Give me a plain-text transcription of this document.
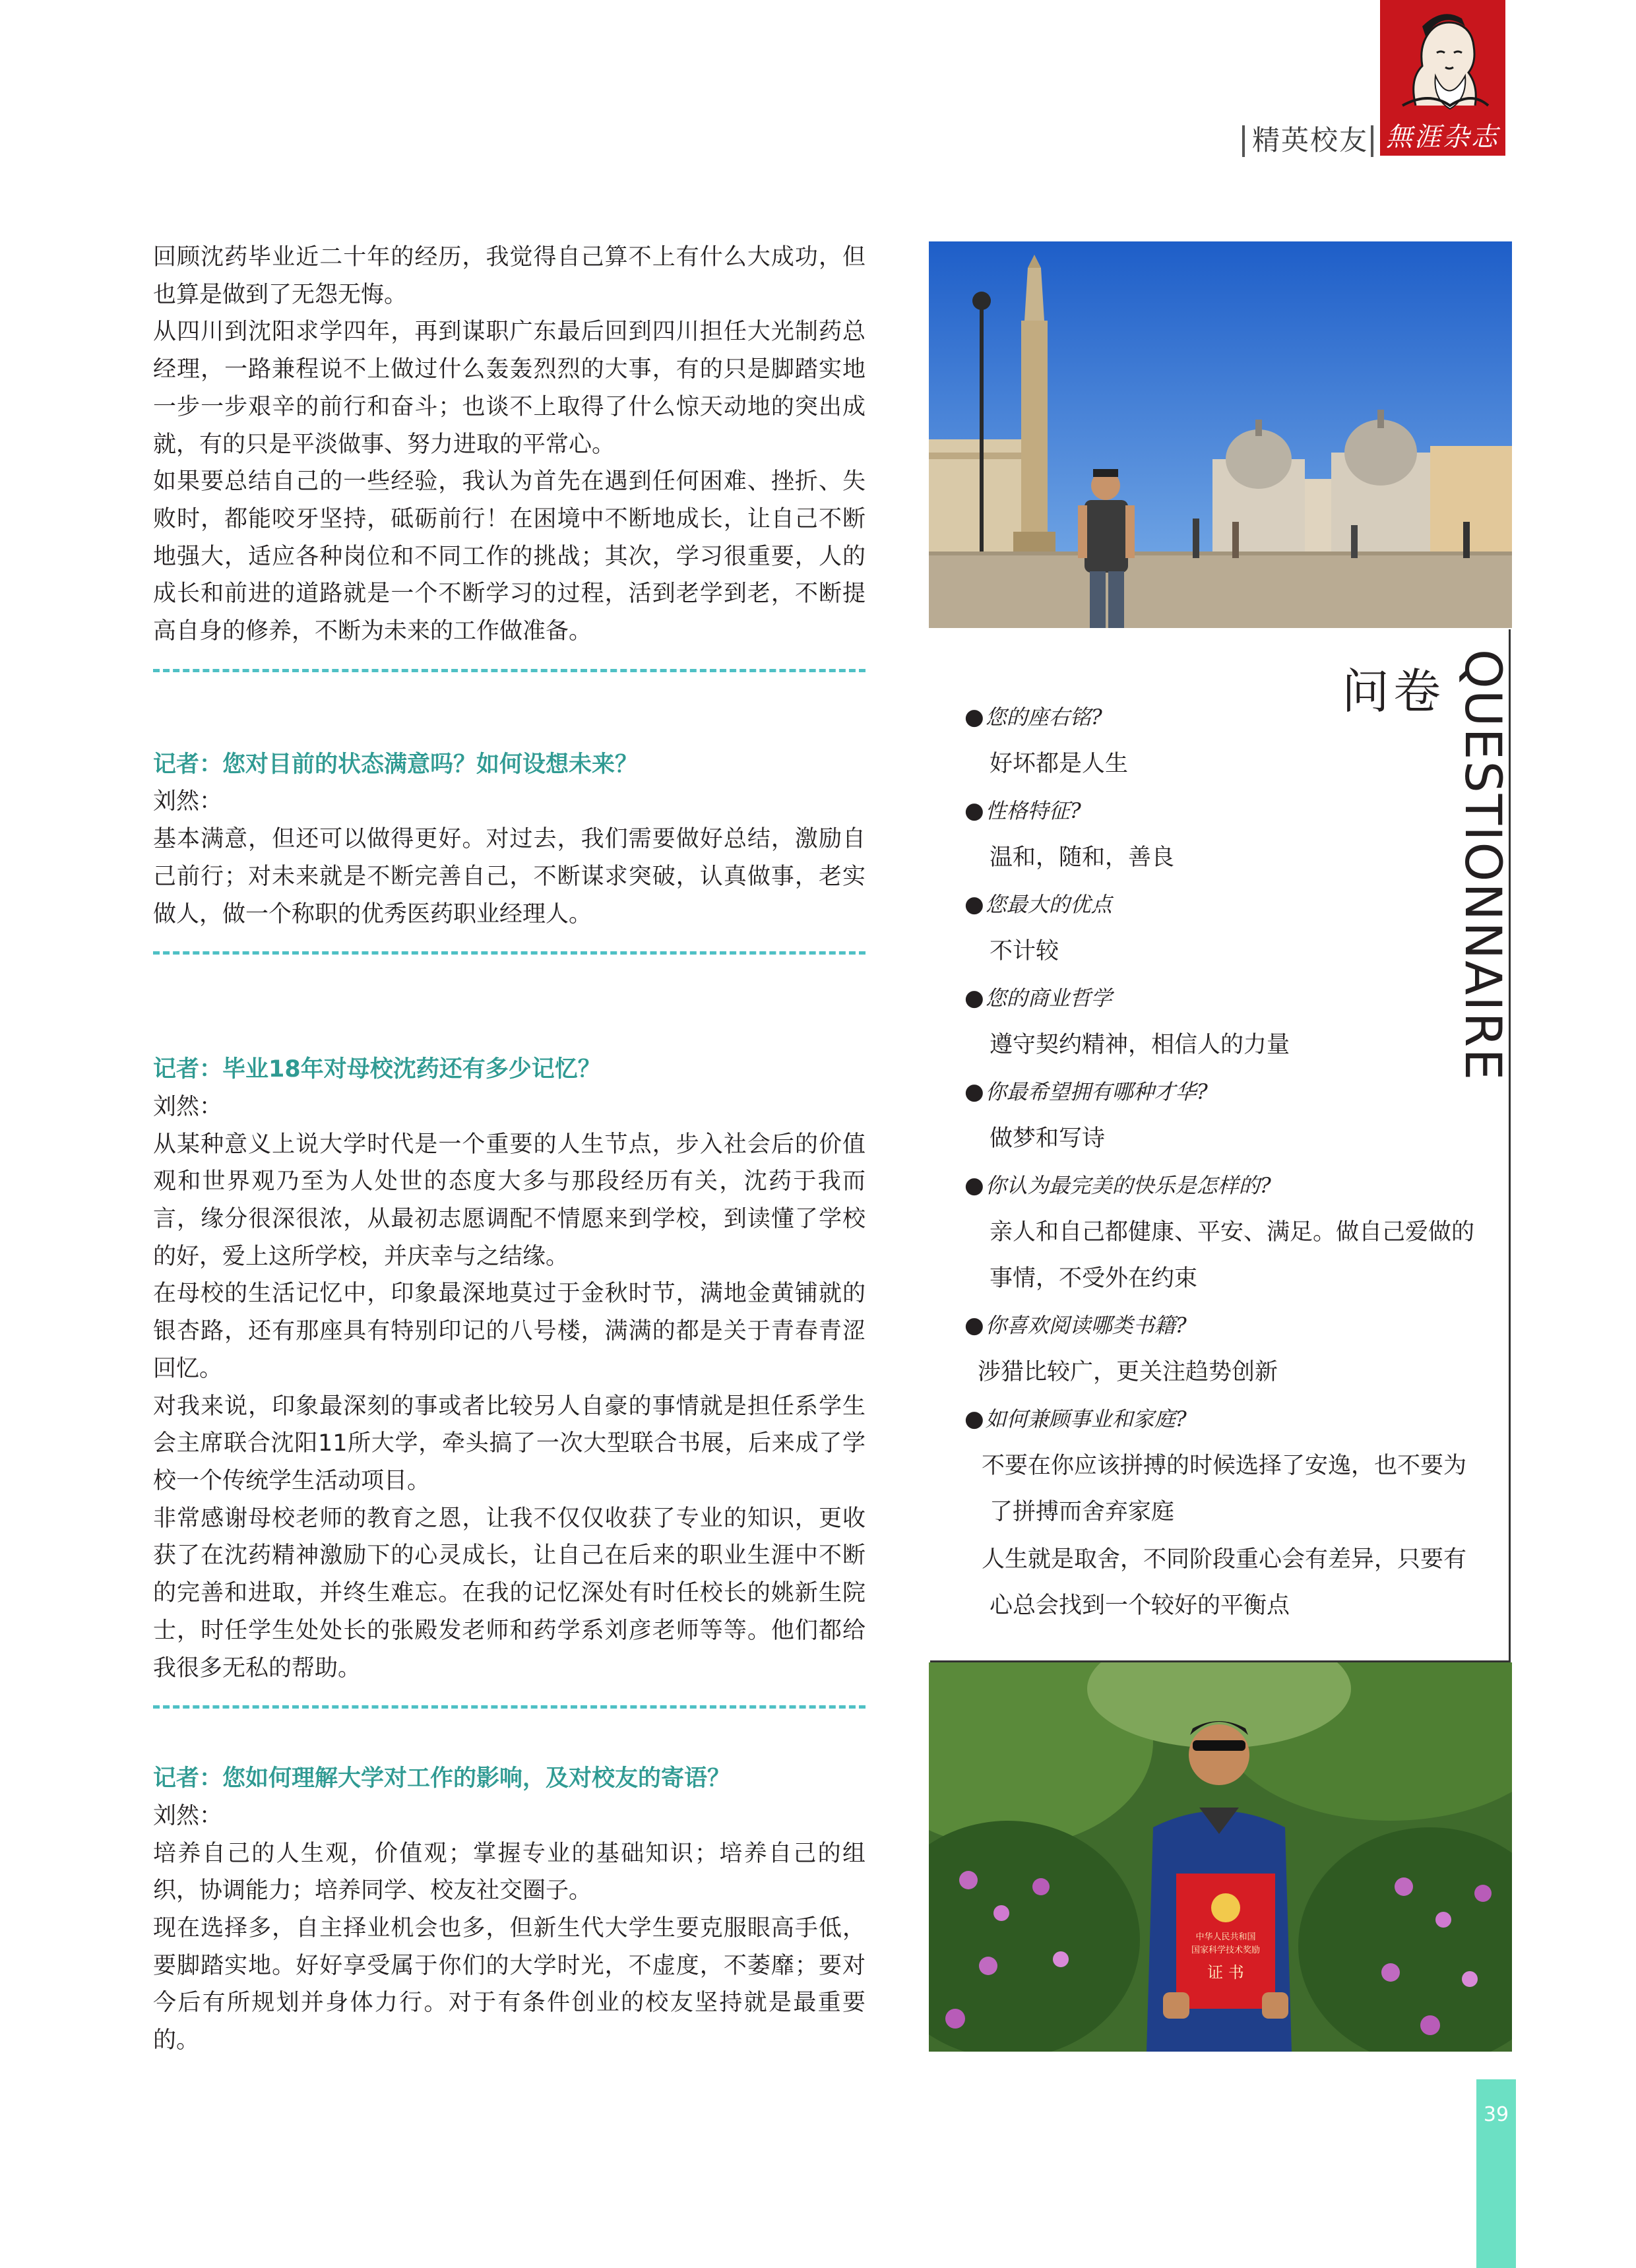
精英校友 無涯杂志

回顾沈药毕业近二十年的经历，我觉得自己算不上有什么大成功，但也算是做到了无怨无悔。

从四川到沈阳求学四年，再到谋职广东最后回到四川担任大光制药总经理，一路兼程说不上做过什么轰轰烈烈的大事，有的只是脚踏实地一步一步艰辛的前行和奋斗；也谈不上取得了什么惊天动地的突出成就，有的只是平淡做事、努力进取的平常心。

如果要总结自己的一些经验，我认为首先在遇到任何困难、挫折、失败时，都能咬牙坚持，砥砺前行！在困境中不断地成长，让自己不断地强大，适应各种岗位和不同工作的挑战；其次，学习很重要，人的成长和前进的道路就是一个不断学习的过程，活到老学到老，不断提高自身的修养，不断为未来的工作做准备。

记者：您对目前的状态满意吗？如何设想未来？

刘然：

基本满意，但还可以做得更好。对过去，我们需要做好总结，激励自己前行；对未来就是不断完善自己，不断谋求突破，认真做事，老实做人，做一个称职的优秀医药职业经理人。

记者：毕业18年对母校沈药还有多少记忆？

刘然：

从某种意义上说大学时代是一个重要的人生节点，步入社会后的价值观和世界观乃至为人处世的态度大多与那段经历有关，沈药于我而言，缘分很深很浓，从最初志愿调配不情愿来到学校，到读懂了学校的好，爱上这所学校，并庆幸与之结缘。

在母校的生活记忆中，印象最深地莫过于金秋时节，满地金黄铺就的银杏路，还有那座具有特别印记的八号楼，满满的都是关于青春青涩回忆。

对我来说，印象最深刻的事或者比较另人自豪的事情就是担任系学生会主席联合沈阳11所大学，牵头搞了一次大型联合书展，后来成了学校一个传统学生活动项目。

非常感谢母校老师的教育之恩，让我不仅仅收获了专业的知识，更收获了在沈药精神激励下的心灵成长，让自己在后来的职业生涯中不断的完善和进取，并终生难忘。在我的记忆深处有时任校长的姚新生院士，时任学生处处长的张殿发老师和药学系刘彦老师等等。他们都给我很多无私的帮助。

记者：您如何理解大学对工作的影响，及对校友的寄语？

刘然：

培养自己的人生观，价值观；掌握专业的基础知识；培养自己的组织，协调能力；培养同学、校友社交圈子。

现在选择多，自主择业机会也多，但新生代大学生要克服眼高手低，要脚踏实地。好好享受属于你们的大学时光，不虚度，不萎靡；要对今后有所规划并身体力行。对于有条件创业的校友坚持就是最重要的。

QUESTIONNAIRE
问卷
●您的座右铭?
好坏都是人生
●性格特征?
温和，随和，善良
●您最大的优点
不计较
●您的商业哲学
遵守契约精神，相信人的力量
●你最希望拥有哪种才华?
做梦和写诗
●你认为最完美的快乐是怎样的?
亲人和自己都健康、平安、满足。做自己爱做的
事情，不受外在约束
●你喜欢阅读哪类书籍?
涉猎比较广，更关注趋势创新
●如何兼顾事业和家庭?
不要在你应该拼搏的时候选择了安逸，也不要为
了拼搏而舍弃家庭
人生就是取舍，不同阶段重心会有差异，只要有
心总会找到一个较好的平衡点
中华人民共和国
国家科学技术奖励
证 书
39
